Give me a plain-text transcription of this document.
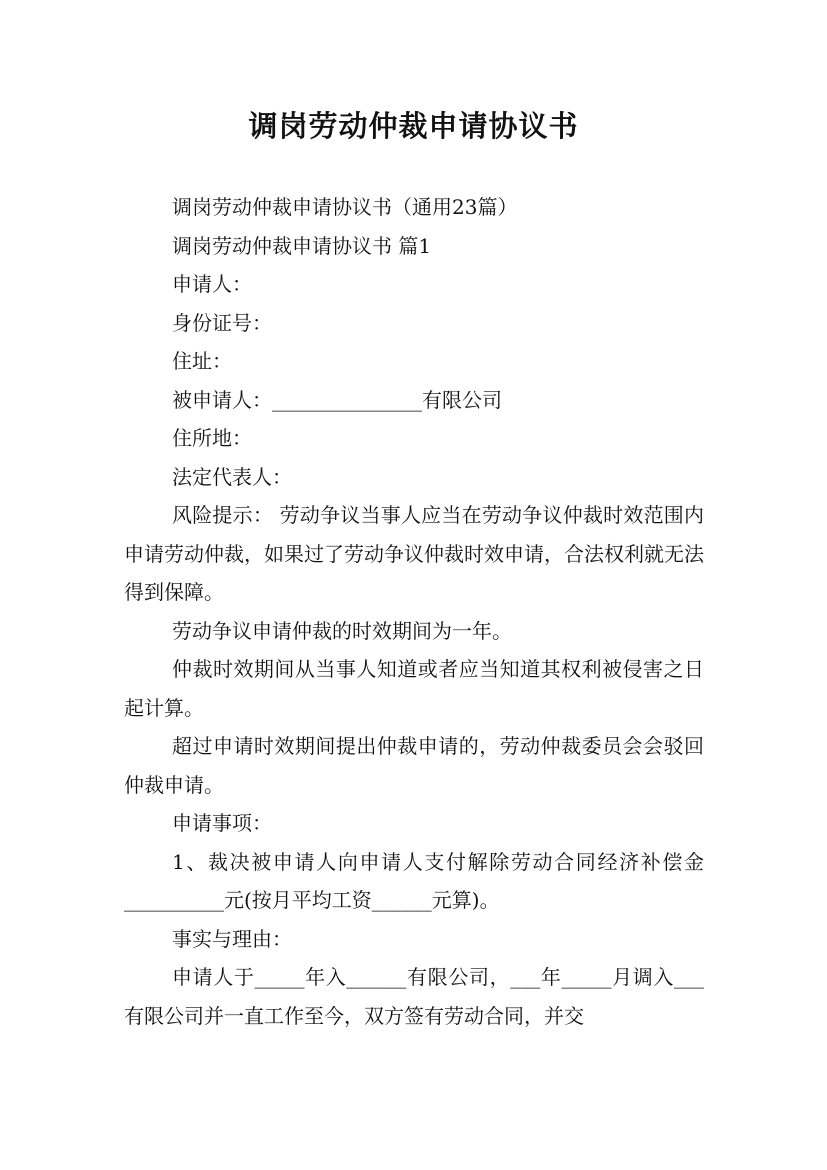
调岗劳动仲裁申请协议书

调岗劳动仲裁申请协议书（通用23篇）

调岗劳动仲裁申请协议书 篇1

申请人：

身份证号：

住址：

被申请人：_______________有限公司

住所地：

法定代表人：

风险提示： 劳动争议当事人应当在劳动争议仲裁时效范围内申请劳动仲裁，如果过了劳动争议仲裁时效申请，合法权利就无法得到保障。

劳动争议申请仲裁的时效期间为一年。

仲裁时效期间从当事人知道或者应当知道其权利被侵害之日起计算。

超过申请时效期间提出仲裁申请的，劳动仲裁委员会会驳回仲裁申请。

申请事项：

1、裁决被申请人向申请人支付解除劳动合同经济补偿金__________元(按月平均工资______元算)。

事实与理由：

申请人于_____年入______有限公司，___年_____月调入___有限公司并一直工作至今，双方签有劳动合同，并交
